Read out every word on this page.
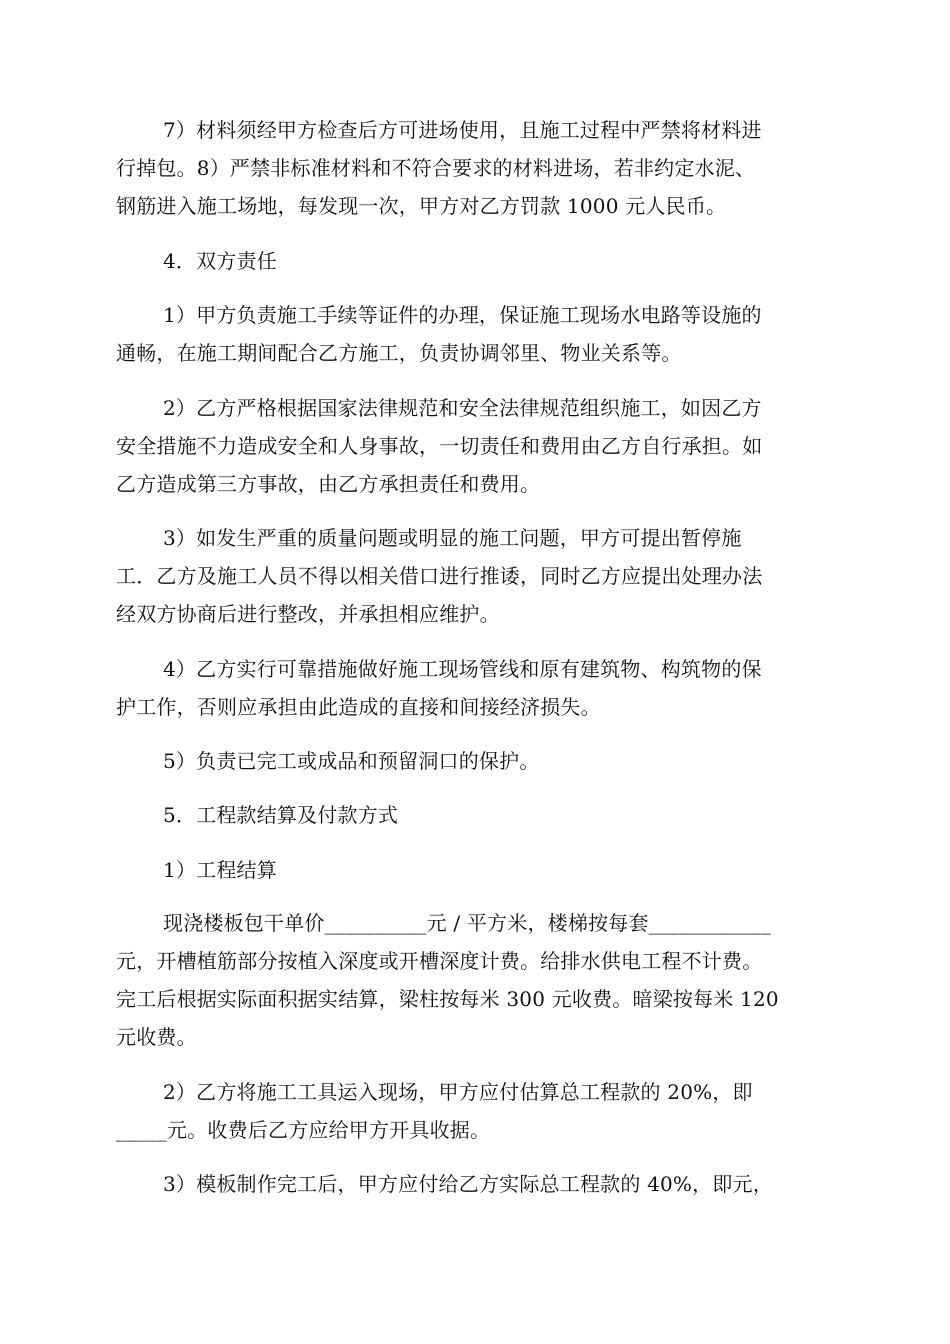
7）材料须经甲方检查后方可进场使用，且施工过程中严禁将材料进
行掉包。8）严禁非标准材料和不符合要求的材料进场，若非约定水泥、
钢筋进入施工场地，每发现一次，甲方对乙方罚款 1000 元人民币。
4．双方责任
1）甲方负责施工手续等证件的办理，保证施工现场水电路等设施的
通畅，在施工期间配合乙方施工，负责协调邻里、物业关系等。
2）乙方严格根据国家法律规范和安全法律规范组织施工，如因乙方
安全措施不力造成安全和人身事故，一切责任和费用由乙方自行承担。如
乙方造成第三方事故，由乙方承担责任和费用。
3）如发生严重的质量问题或明显的施工问题，甲方可提出暂停施
工．乙方及施工人员不得以相关借口进行推诿，同时乙方应提出处理办法
经双方协商后进行整改，并承担相应维护。
4）乙方实行可靠措施做好施工现场管线和原有建筑物、构筑物的保
护工作，否则应承担由此造成的直接和间接经济损失。
5）负责已完工或成品和预留洞口的保护。
5．工程款结算及付款方式
1）工程结算
现浇楼板包干单价__________元 / 平方米，楼梯按每套____________
元，开槽植筋部分按植入深度或开槽深度计费。给排水供电工程不计费。
完工后根据实际面积据实结算，梁柱按每米 300 元收费。暗梁按每米 120
元收费。
2）乙方将施工工具运入现场，甲方应付估算总工程款的 20%，即
_____元。收费后乙方应给甲方开具收据。
3）模板制作完工后，甲方应付给乙方实际总工程款的 40%，即元，
